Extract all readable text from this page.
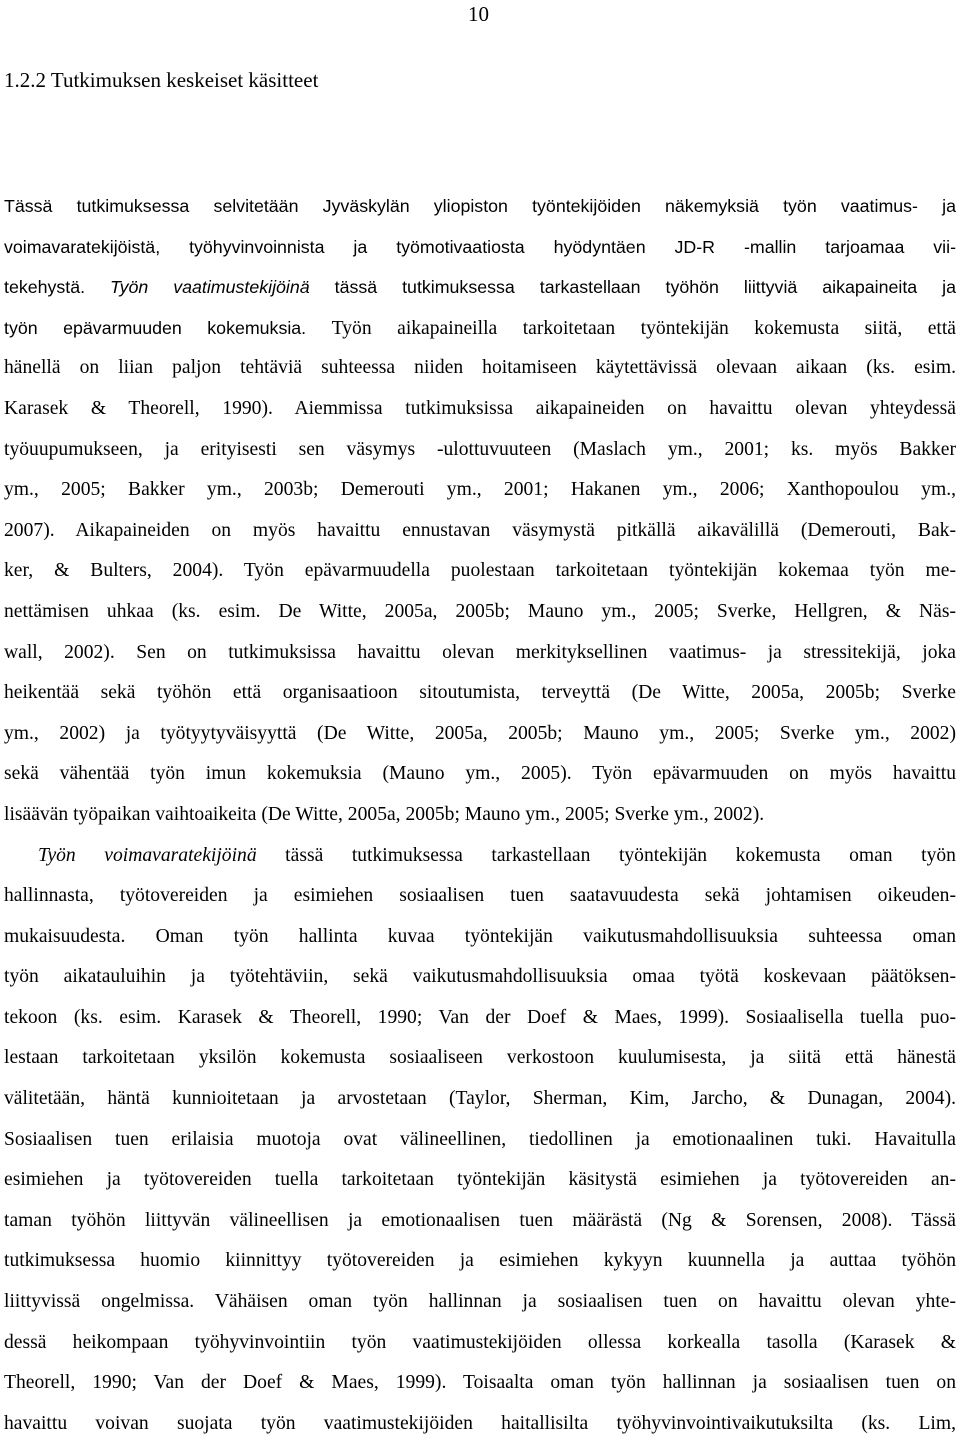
10
1.2.2 Tutkimuksen keskeiset käsitteet
Tässä tutkimuksessa selvitetään Jyväskylän yliopiston työntekijöiden näkemyksiä työn vaatimus- ja
voimavaratekijöistä, työhyvinvoinnista ja työmotivaatiosta hyödyntäen JD-R -mallin tarjoamaa vii-
tekehystä. Työn vaatimustekijöinä tässä tutkimuksessa tarkastellaan työhön liittyviä aikapaineita ja
työn epävarmuuden kokemuksia. Työn aikapaineilla tarkoitetaan työntekijän kokemusta siitä, että
hänellä on liian paljon tehtäviä suhteessa niiden hoitamiseen käytettävissä olevaan aikaan (ks. esim.
Karasek & Theorell, 1990). Aiemmissa tutkimuksissa aikapaineiden on havaittu olevan yhteydessä
työuupumukseen, ja erityisesti sen väsymys -ulottuvuuteen (Maslach ym., 2001; ks. myös Bakker
ym., 2005; Bakker ym., 2003b; Demerouti ym., 2001; Hakanen ym., 2006; Xanthopoulou ym.,
2007). Aikapaineiden on myös havaittu ennustavan väsymystä pitkällä aikavälillä (Demerouti, Bak-
ker, & Bulters, 2004). Työn epävarmuudella puolestaan tarkoitetaan työntekijän kokemaa työn me-
nettämisen uhkaa (ks. esim. De Witte, 2005a, 2005b; Mauno ym., 2005; Sverke, Hellgren, & Näs-
wall, 2002). Sen on tutkimuksissa havaittu olevan merkityksellinen vaatimus- ja stressitekijä, joka
heikentää sekä työhön että organisaatioon sitoutumista, terveyttä (De Witte, 2005a, 2005b; Sverke
ym., 2002) ja työtyytyväisyyttä (De Witte, 2005a, 2005b; Mauno ym., 2005; Sverke ym., 2002)
sekä vähentää työn imun kokemuksia (Mauno ym., 2005). Työn epävarmuuden on myös havaittu
lisäävän työpaikan vaihtoaikeita (De Witte, 2005a, 2005b; Mauno ym., 2005; Sverke ym., 2002).
Työn voimavaratekijöinä tässä tutkimuksessa tarkastellaan työntekijän kokemusta oman työn
hallinnasta, työtovereiden ja esimiehen sosiaalisen tuen saatavuudesta sekä johtamisen oikeuden-
mukaisuudesta. Oman työn hallinta kuvaa työntekijän vaikutusmahdollisuuksia suhteessa oman
työn aikatauluihin ja työtehtäviin, sekä vaikutusmahdollisuuksia omaa työtä koskevaan päätöksen-
tekoon (ks. esim. Karasek & Theorell, 1990; Van der Doef & Maes, 1999). Sosiaalisella tuella puo-
lestaan tarkoitetaan yksilön kokemusta sosiaaliseen verkostoon kuulumisesta, ja siitä että hänestä
välitetään, häntä kunnioitetaan ja arvostetaan (Taylor, Sherman, Kim, Jarcho, & Dunagan, 2004).
Sosiaalisen tuen erilaisia muotoja ovat välineellinen, tiedollinen ja emotionaalinen tuki. Havaitulla
esimiehen ja työtovereiden tuella tarkoitetaan työntekijän käsitystä esimiehen ja työtovereiden an-
taman työhön liittyvän välineellisen ja emotionaalisen tuen määrästä (Ng & Sorensen, 2008). Tässä
tutkimuksessa huomio kiinnittyy työtovereiden ja esimiehen kykyyn kuunnella ja auttaa työhön
liittyvissä ongelmissa. Vähäisen oman työn hallinnan ja sosiaalisen tuen on havaittu olevan yhte-
dessä heikompaan työhyvinvointiin työn vaatimustekijöiden ollessa korkealla tasolla (Karasek &
Theorell, 1990; Van der Doef & Maes, 1999). Toisaalta oman työn hallinnan ja sosiaalisen tuen on
havaittu voivan suojata työn vaatimustekijöiden haitallisilta työhyvinvointivaikutuksilta (ks. Lim,
